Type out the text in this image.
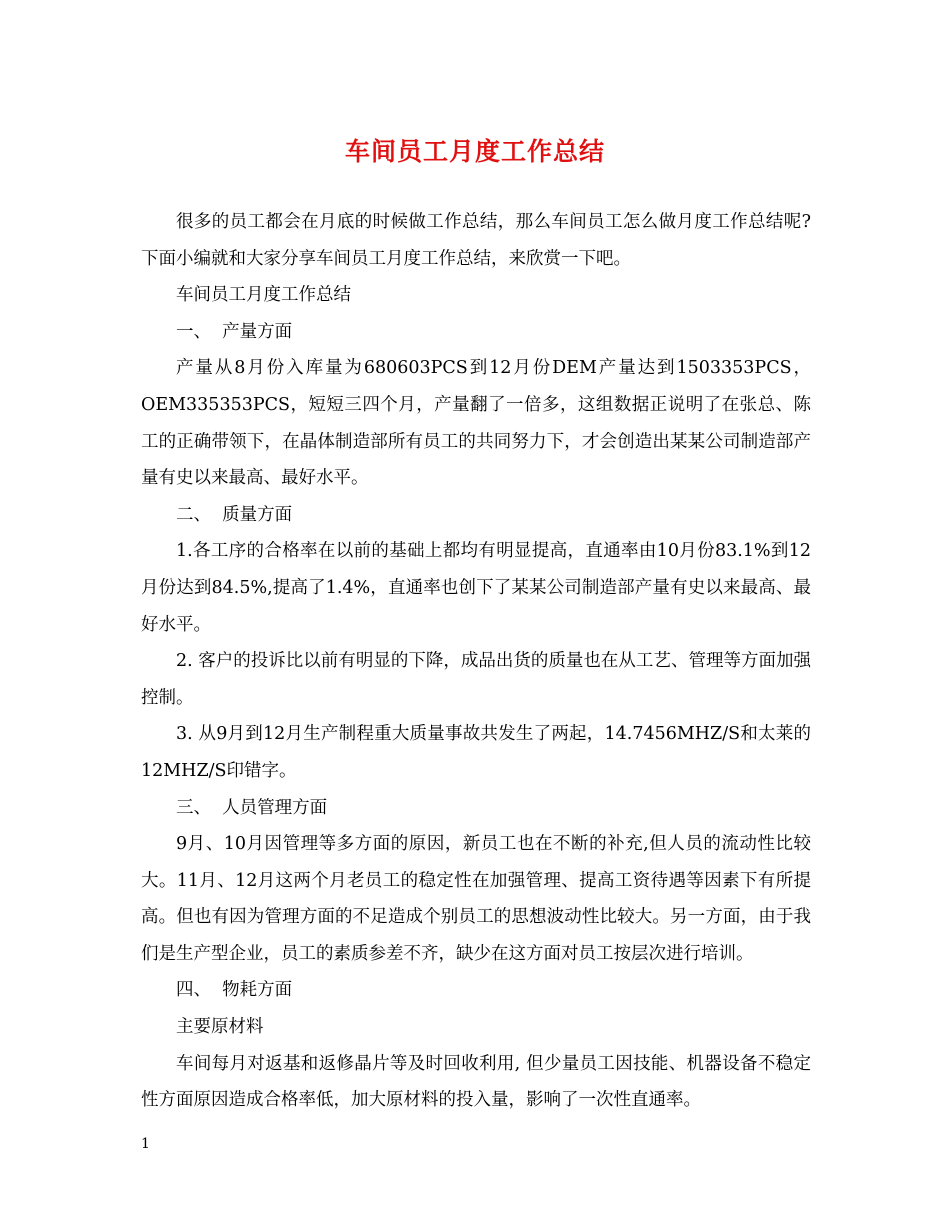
车间员工月度工作总结

很多的员工都会在月底的时候做工作总结，那么车间员工怎么做月度工作总结呢?下面小编就和大家分享车间员工月度工作总结，来欣赏一下吧。

车间员工月度工作总结

一、  产量方面

产量从8月份入库量为680603PCS到12月份DEM产量达到1503353PCS，OEM335353PCS，短短三四个月，产量翻了一倍多，这组数据正说明了在张总、陈工的正确带领下，在晶体制造部所有员工的共同努力下，才会创造出某某公司制造部产量有史以来最高、最好水平。

二、  质量方面

1.各工序的合格率在以前的基础上都均有明显提高，直通率由10月份83.1%到12月份达到84.5%,提高了1.4%，直通率也创下了某某公司制造部产量有史以来最高、最好水平。

2. 客户的投诉比以前有明显的下降，成品出货的质量也在从工艺、管理等方面加强控制。

3. 从9月到12月生产制程重大质量事故共发生了两起，14.7456MHZ/S和太莱的12MHZ/S印错字。

三、  人员管理方面

9月、10月因管理等多方面的原因，新员工也在不断的补充,但人员的流动性比较大。11月、12月这两个月老员工的稳定性在加强管理、提高工资待遇等因素下有所提高。但也有因为管理方面的不足造成个别员工的思想波动性比较大。另一方面，由于我们是生产型企业，员工的素质参差不齐，缺少在这方面对员工按层次进行培训。

四、  物耗方面

主要原材料

车间每月对返基和返修晶片等及时回收利用, 但少量员工因技能、机器设备不稳定性方面原因造成合格率低，加大原材料的投入量，影响了一次性直通率。

1
